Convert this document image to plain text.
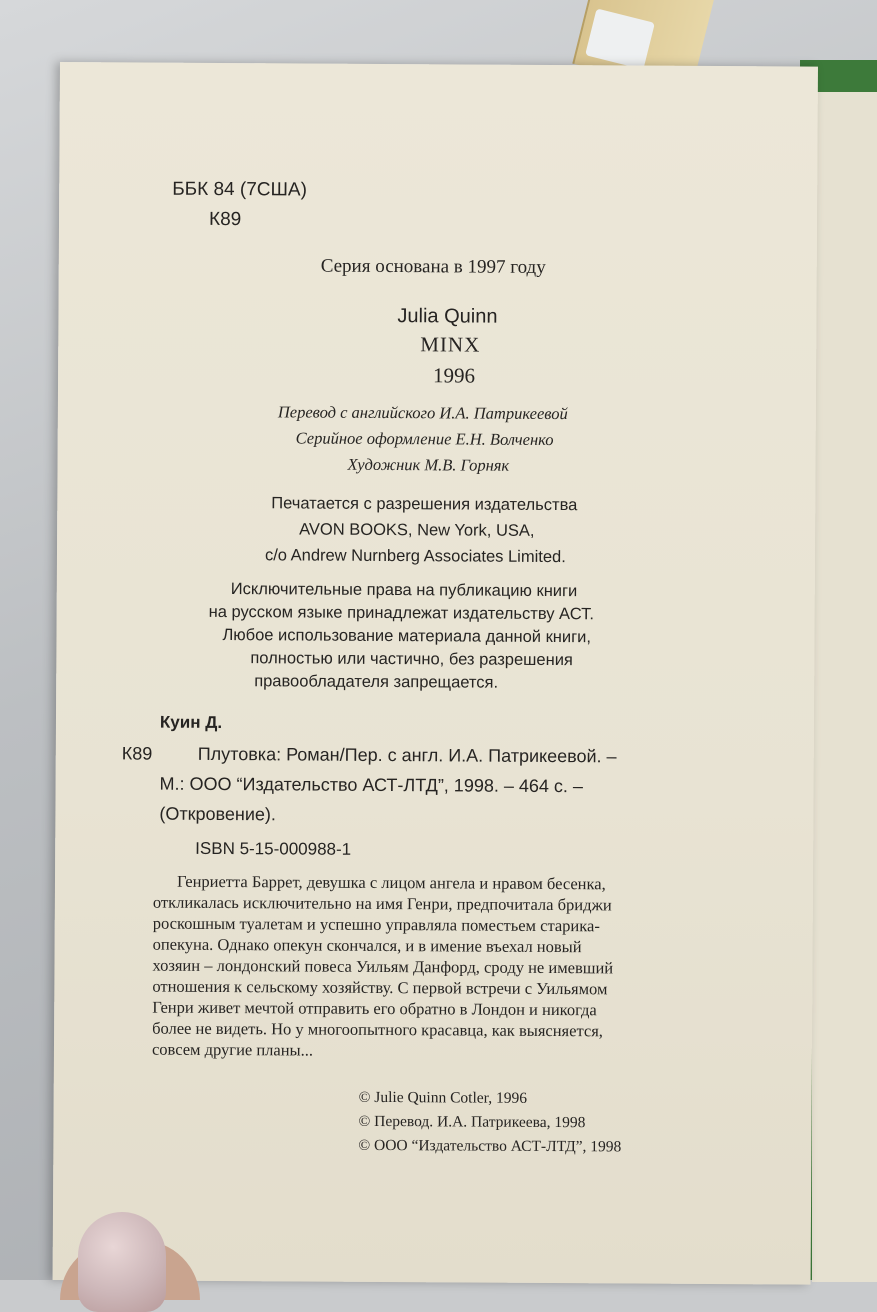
ББК 84 (7США)
К89
Серия основана в 1997 году
Julia Quinn
MINX
1996
Перевод с английского И.А. Патрикеевой
Серийное оформление Е.Н. Волченко
Художник М.В. Горняк
Печатается с разрешения издательства
AVON BOOKS, New York, USA,
c/o Andrew Nurnberg Associates Limited.
Исключительные права на публикацию книги
на русском языке принадлежат издательству АСТ.
Любое использование материала данной книги,
полностью или частично, без разрешения
правообладателя запрещается.
Куин Д.
К89	Плутовка: Роман/Пер. с англ. И.А. Патрикеевой. –
М.: ООО “Издательство АСТ-ЛТД”, 1998. – 464 с. –
(Откровение).
ISBN 5-15-000988-1
Генриетта Баррет, девушка с лицом ангела и нравом бесенка,
откликалась исключительно на имя Генри, предпочитала бриджи
роскошным туалетам и успешно управляла поместьем старика-
опекуна. Однако опекун скончался, и в имение въехал новый
хозяин – лондонский повеса Уильям Данфорд, сроду не имевший
отношения к сельскому хозяйству. С первой встречи с Уильямом
Генри живет мечтой отправить его обратно в Лондон и никогда
более не видеть. Но у многоопытного красавца, как выясняется,
совсем другие планы...
© Julie Quinn Cotler, 1996
© Перевод. И.А. Патрикеева, 1998
© ООО “Издательство АСТ-ЛТД”, 1998
